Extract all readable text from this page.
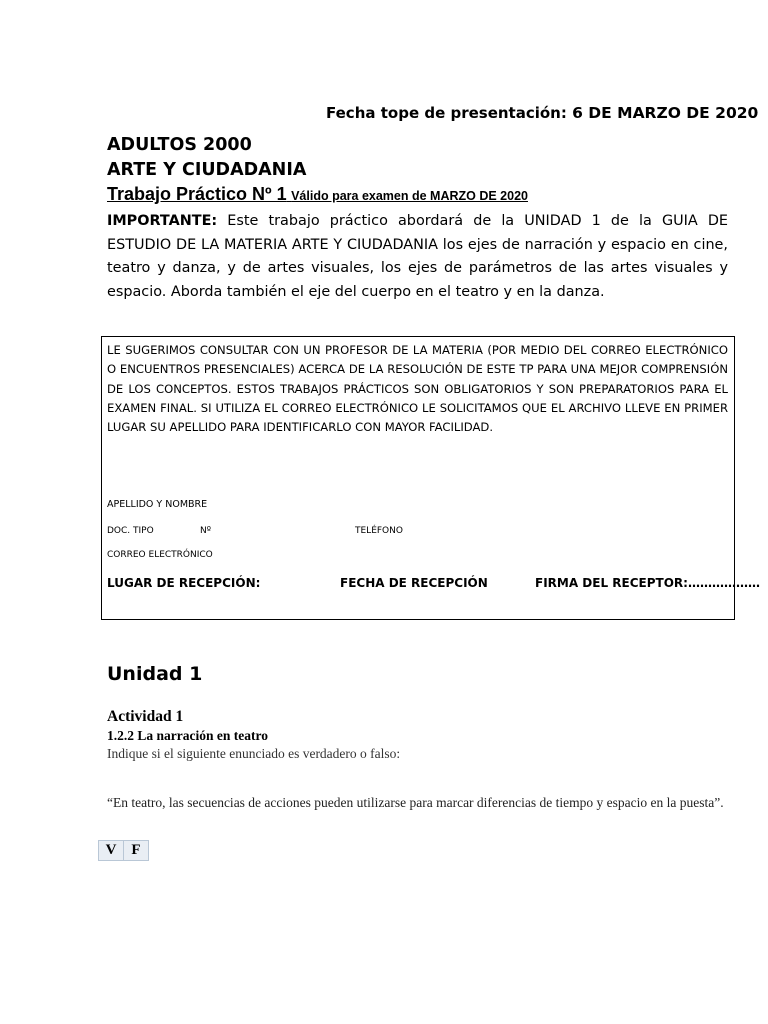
Fecha tope de presentación: 6 DE MARZO DE 2020
ADULTOS 2000
ARTE Y CIUDADANIA
Trabajo Práctico Nº 1 Válido para examen de MARZO DE 2020
IMPORTANTE: Este trabajo práctico abordará de la UNIDAD 1 de la GUIA DE ESTUDIO DE LA MATERIA ARTE Y CIUDADANIA los ejes de narración y espacio en cine, teatro y danza, y de artes visuales, los ejes de parámetros de las artes visuales y espacio. Aborda también el eje del cuerpo en el teatro y en la danza.
LE SUGERIMOS CONSULTAR CON UN PROFESOR DE LA MATERIA (POR MEDIO DEL CORREO ELECTRÓNICO O ENCUENTROS PRESENCIALES) ACERCA DE LA RESOLUCIÓN DE ESTE TP PARA UNA MEJOR COMPRENSIÓN DE LOS CONCEPTOS. ESTOS TRABAJOS PRÁCTICOS SON OBLIGATORIOS Y SON PREPARATORIOS PARA EL EXAMEN FINAL. SI UTILIZA EL CORREO ELECTRÓNICO LE SOLICITAMOS QUE EL ARCHIVO LLEVE EN PRIMER LUGAR SU APELLIDO PARA IDENTIFICARLO CON MAYOR FACILIDAD.
APELLIDO Y NOMBRE
DOC. TIPO	Nº	TELÉFONO
CORREO ELECTRÓNICO
LUGAR DE RECEPCIÓN:	FECHA DE RECEPCIÓN	FIRMA DEL RECEPTOR:………………
Unidad 1
Actividad 1
1.2.2 La narración en teatro
Indique si el siguiente enunciado es verdadero o falso:
“En teatro, las secuencias de acciones pueden utilizarse para marcar diferencias de tiempo y espacio en la puesta”.
V	F
